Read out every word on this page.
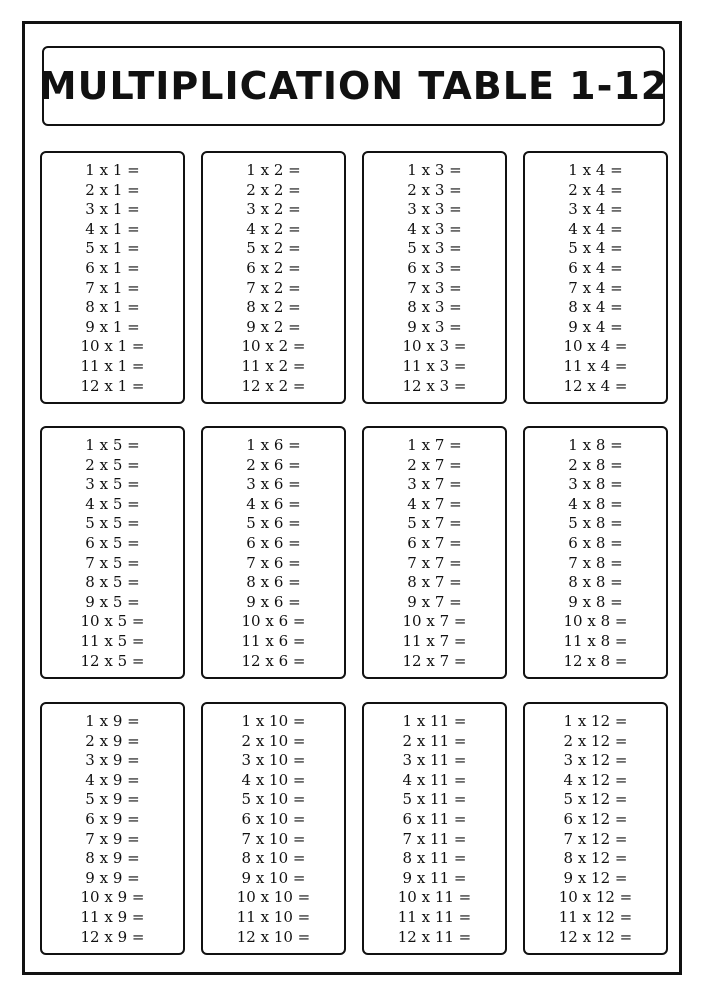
MULTIPLICATION TABLE 1-12
1 x 1 =
2 x 1 =
3 x 1 =
4 x 1 =
5 x 1 =
6 x 1 =
7 x 1 =
8 x 1 =
9 x 1 =
10 x 1 =
11 x 1 =
12 x 1 =
1 x 2 =
2 x 2 =
3 x 2 =
4 x 2 =
5 x 2 =
6 x 2 =
7 x 2 =
8 x 2 =
9 x 2 =
10 x 2 =
11 x 2 =
12 x 2 =
1 x 3 =
2 x 3 =
3 x 3 =
4 x 3 =
5 x 3 =
6 x 3 =
7 x 3 =
8 x 3 =
9 x 3 =
10 x 3 =
11 x 3 =
12 x 3 =
1 x 4 =
2 x 4 =
3 x 4 =
4 x 4 =
5 x 4 =
6 x 4 =
7 x 4 =
8 x 4 =
9 x 4 =
10 x 4 =
11 x 4 =
12 x 4 =
1 x 5 =
2 x 5 =
3 x 5 =
4 x 5 =
5 x 5 =
6 x 5 =
7 x 5 =
8 x 5 =
9 x 5 =
10 x 5 =
11 x 5 =
12 x 5 =
1 x 6 =
2 x 6 =
3 x 6 =
4 x 6 =
5 x 6 =
6 x 6 =
7 x 6 =
8 x 6 =
9 x 6 =
10 x 6 =
11 x 6 =
12 x 6 =
1 x 7 =
2 x 7 =
3 x 7 =
4 x 7 =
5 x 7 =
6 x 7 =
7 x 7 =
8 x 7 =
9 x 7 =
10 x 7 =
11 x 7 =
12 x 7 =
1 x 8 =
2 x 8 =
3 x 8 =
4 x 8 =
5 x 8 =
6 x 8 =
7 x 8 =
8 x 8 =
9 x 8 =
10 x 8 =
11 x 8 =
12 x 8 =
1 x 9 =
2 x 9 =
3 x 9 =
4 x 9 =
5 x 9 =
6 x 9 =
7 x 9 =
8 x 9 =
9 x 9 =
10 x 9 =
11 x 9 =
12 x 9 =
1 x 10 =
2 x 10 =
3 x 10 =
4 x 10 =
5 x 10 =
6 x 10 =
7 x 10 =
8 x 10 =
9 x 10 =
10 x 10 =
11 x 10 =
12 x 10 =
1 x 11 =
2 x 11 =
3 x 11 =
4 x 11 =
5 x 11 =
6 x 11 =
7 x 11 =
8 x 11 =
9 x 11 =
10 x 11 =
11 x 11 =
12 x 11 =
1 x 12 =
2 x 12 =
3 x 12 =
4 x 12 =
5 x 12 =
6 x 12 =
7 x 12 =
8 x 12 =
9 x 12 =
10 x 12 =
11 x 12 =
12 x 12 =
